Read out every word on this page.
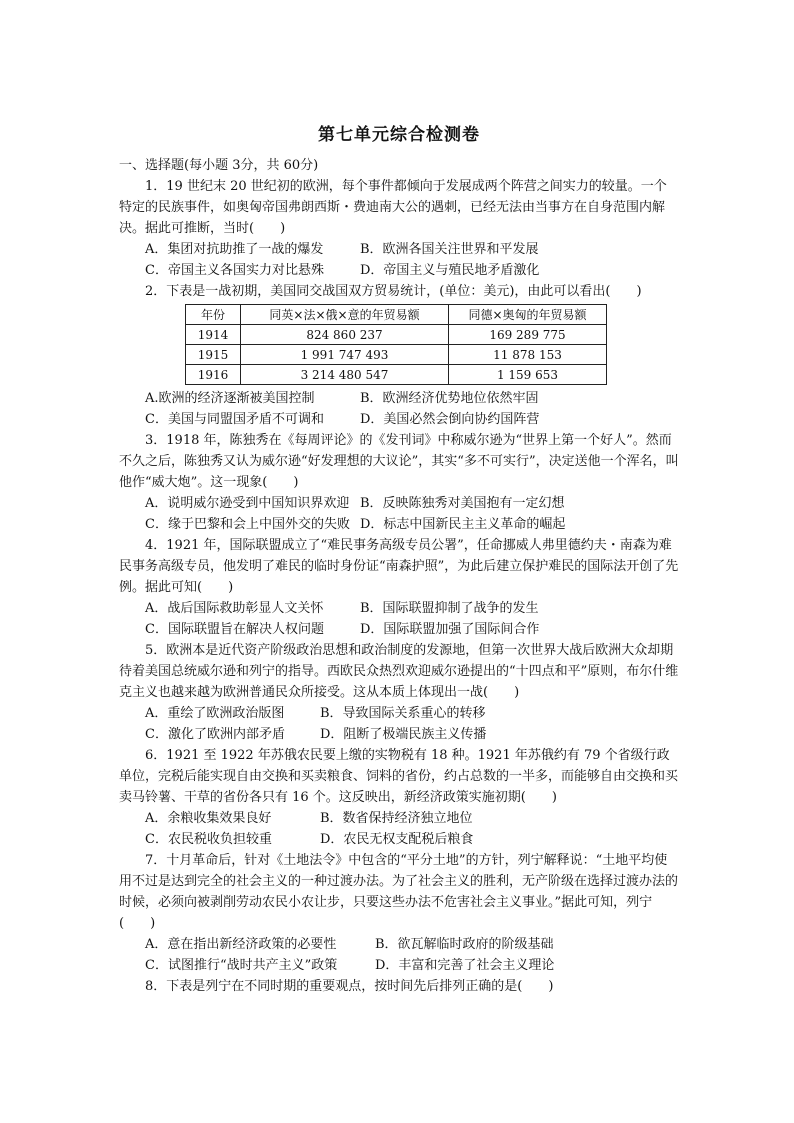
第七单元综合检测卷

一、选择题(每小题 3分，共 60分)

1．19 世纪末 20 世纪初的欧洲，每个事件都倾向于发展成两个阵营之间实力的较量。一个特定的民族事件，如奥匈帝国弗朗西斯・费迪南大公的遇刺，已经无法由当事方在自身范围内解决。据此可推断，当时(　　)

A．集团对抗助推了一战的爆发	B．欧洲各国关注世界和平发展
C．帝国主义各国实力对比悬殊	D．帝国主义与殖民地矛盾激化

2．下表是一战初期，美国同交战国双方贸易统计，(单位：美元)，由此可以看出(　　)

年份	同英×法×俄×意的年贸易额	同德×奥匈的年贸易额
1914	824 860 237	169 289 775
1915	1 991 747 493	11 878 153
1916	3 214 480 547	1 159 653
A.欧洲的经济逐渐被美国控制	B．欧洲经济优势地位依然牢固
C．美国与同盟国矛盾不可调和	D．美国必然会倒向协约国阵营

3．1918 年，陈独秀在《每周评论》的《发刊词》中称威尔逊为“世界上第一个好人”。然而不久之后，陈独秀又认为威尔逊“好发理想的大议论”，其实“多不可实行”，决定送他一个浑名，叫他作“威大炮”。这一现象(　　)

A．说明威尔逊受到中国知识界欢迎 B．反映陈独秀对美国抱有一定幻想
C．缘于巴黎和会上中国外交的失败 D．标志中国新民主主义革命的崛起

4．1921 年，国际联盟成立了“难民事务高级专员公署”，任命挪威人弗里德约夫・南森为难民事务高级专员，他发明了难民的临时身份证“南森护照”，为此后建立保护难民的国际法开创了先例。据此可知(　　)

A．战后国际救助彰显人文关怀	B．国际联盟抑制了战争的发生
C．国际联盟旨在解决人权问题	D．国际联盟加强了国际间合作

5．欧洲本是近代资产阶级政治思想和政治制度的发源地，但第一次世界大战后欧洲大众却期待着美国总统威尔逊和列宁的指导。西欧民众热烈欢迎威尔逊提出的“十四点和平”原则，布尔什维克主义也越来越为欧洲普通民众所接受。这从本质上体现出一战(　　)

A．重绘了欧洲政治版图	B．导致国际关系重心的转移
C．激化了欧洲内部矛盾	D．阻断了极端民族主义传播

6．1921 至 1922 年苏俄农民要上缴的实物税有 18 种。1921 年苏俄约有 79 个省级行政单位，完税后能实现自由交换和买卖粮食、饲料的省份，约占总数的一半多，而能够自由交换和买卖马铃薯、干草的省份各只有 16 个。这反映出，新经济政策实施初期(　　)

A．余粮收集效果良好	B．数省保持经济独立地位
C．农民税收负担较重	D．农民无权支配税后粮食

7．十月革命后，针对《土地法令》中包含的“平分土地”的方针，列宁解释说：“土地平均使用不过是达到完全的社会主义的一种过渡办法。为了社会主义的胜利，无产阶级在选择过渡办法的时候，必须向被剥削劳动农民小农让步，只要这些办法不危害社会主义事业。”据此可知，列宁(　　)

A．意在指出新经济政策的必要性	B．欲瓦解临时政府的阶级基础
C．试图推行“战时共产主义”政策	D．丰富和完善了社会主义理论

8．下表是列宁在不同时期的重要观点，按时间先后排列正确的是(　　)
